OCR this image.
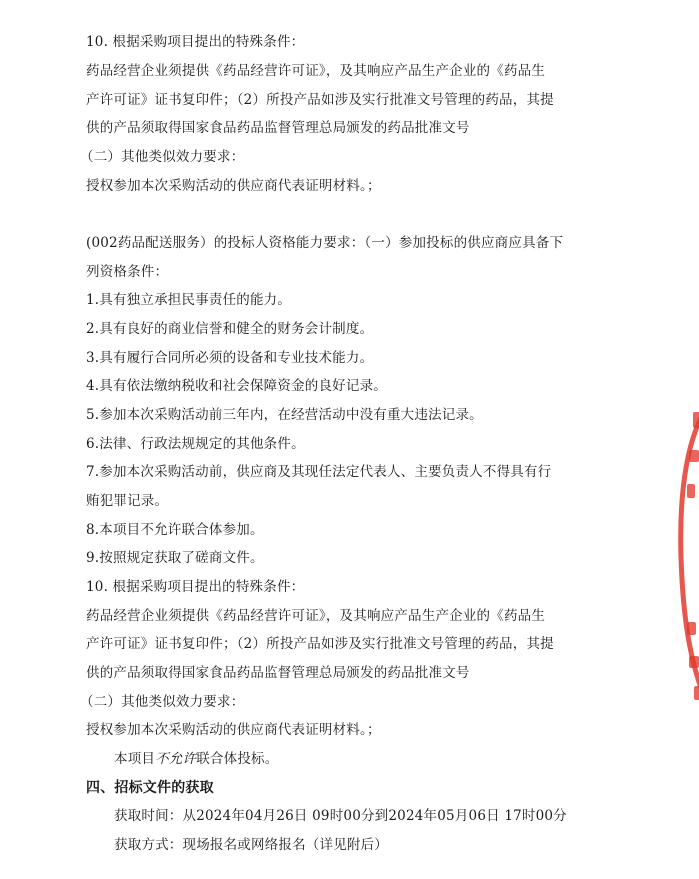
10. 根据采购项目提出的特殊条件：
药品经营企业须提供《药品经营许可证》，及其响应产品生产企业的《药品生
产许可证》证书复印件；（2）所投产品如涉及实行批准文号管理的药品，其提
供的产品须取得国家食品药品监督管理总局颁发的药品批准文号
（二）其他类似效力要求：
授权参加本次采购活动的供应商代表证明材料。；
(002药品配送服务）的投标人资格能力要求：（一）参加投标的供应商应具备下
列资格条件：
1.具有独立承担民事责任的能力。
2.具有良好的商业信誉和健全的财务会计制度。
3.具有履行合同所必须的设备和专业技术能力。
4.具有依法缴纳税收和社会保障资金的良好记录。
5.参加本次采购活动前三年内，在经营活动中没有重大违法记录。
6.法律、行政法规规定的其他条件。
7.参加本次采购活动前，供应商及其现任法定代表人、主要负责人不得具有行
贿犯罪记录。
8.本项目不允许联合体参加。
9.按照规定获取了磋商文件。
10. 根据采购项目提出的特殊条件：
药品经营企业须提供《药品经营许可证》，及其响应产品生产企业的《药品生
产许可证》证书复印件；（2）所投产品如涉及实行批准文号管理的药品，其提
供的产品须取得国家食品药品监督管理总局颁发的药品批准文号
（二）其他类似效力要求：
授权参加本次采购活动的供应商代表证明材料。；
本项目不允许联合体投标。
四、招标文件的获取
获取时间：从2024年04月26日 09时00分到2024年05月06日 17时00分
获取方式：现场报名或网络报名（详见附后）
